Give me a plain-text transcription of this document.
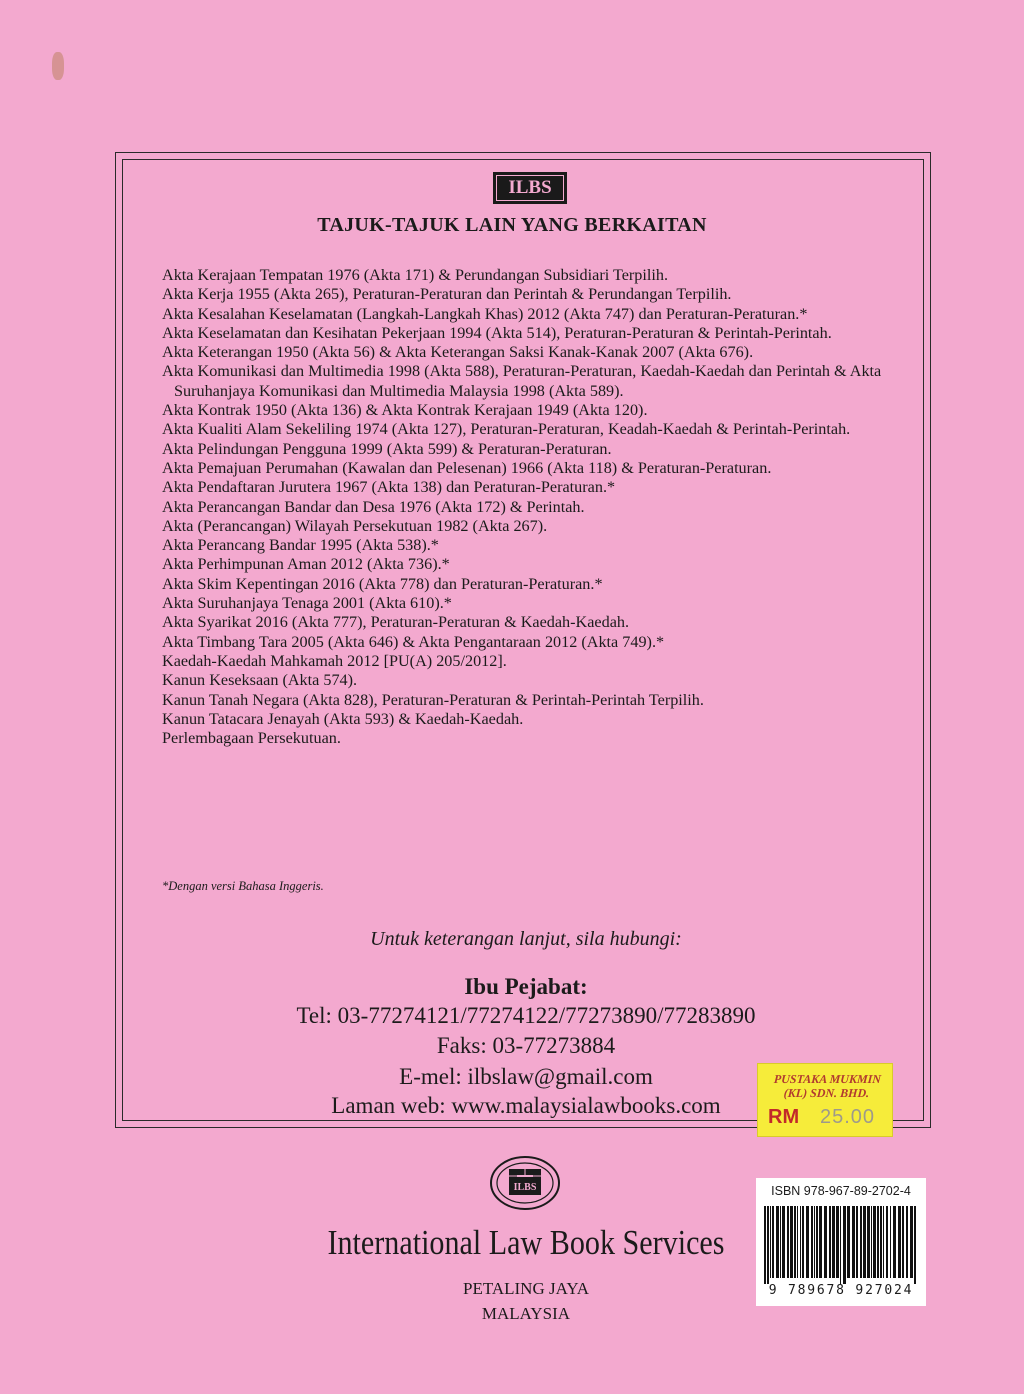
ILBS
TAJUK-TAJUK LAIN YANG BERKAITAN
Akta Kerajaan Tempatan 1976 (Akta 171) & Perundangan Subsidiari Terpilih.
Akta Kerja 1955 (Akta 265), Peraturan-Peraturan dan Perintah & Perundangan Terpilih.
Akta Kesalahan Keselamatan (Langkah-Langkah Khas) 2012 (Akta 747) dan Peraturan-Peraturan.*
Akta Keselamatan dan Kesihatan Pekerjaan 1994 (Akta 514), Peraturan-Peraturan & Perintah-Perintah.
Akta Keterangan 1950 (Akta 56) & Akta Keterangan Saksi Kanak-Kanak 2007 (Akta 676).
Akta Komunikasi dan Multimedia 1998 (Akta 588), Peraturan-Peraturan, Kaedah-Kaedah dan Perintah & Akta Suruhanjaya Komunikasi dan Multimedia Malaysia 1998 (Akta 589).
Akta Kontrak 1950 (Akta 136) & Akta Kontrak Kerajaan 1949 (Akta 120).
Akta Kualiti Alam Sekeliling 1974 (Akta 127), Peraturan-Peraturan, Keadah-Kaedah & Perintah-Perintah.
Akta Pelindungan Pengguna 1999 (Akta 599) & Peraturan-Peraturan.
Akta Pemajuan Perumahan (Kawalan dan Pelesenan) 1966 (Akta 118) & Peraturan-Peraturan.
Akta Pendaftaran Jurutera 1967 (Akta 138) dan Peraturan-Peraturan.*
Akta Perancangan Bandar dan Desa 1976 (Akta 172) & Perintah.
Akta (Perancangan) Wilayah Persekutuan 1982 (Akta 267).
Akta Perancang Bandar 1995 (Akta 538).*
Akta Perhimpunan Aman 2012 (Akta 736).*
Akta Skim Kepentingan 2016 (Akta 778) dan Peraturan-Peraturan.*
Akta Suruhanjaya Tenaga 2001 (Akta 610).*
Akta Syarikat 2016 (Akta 777), Peraturan-Peraturan & Kaedah-Kaedah.
Akta Timbang Tara 2005 (Akta 646) & Akta Pengantaraan 2012 (Akta 749).*
Kaedah-Kaedah Mahkamah 2012 [PU(A) 205/2012].
Kanun Keseksaan (Akta 574).
Kanun Tanah Negara (Akta 828), Peraturan-Peraturan & Perintah-Perintah Terpilih.
Kanun Tatacara Jenayah (Akta 593) & Kaedah-Kaedah.
Perlembagaan Persekutuan.
*Dengan versi Bahasa Inggeris.
Untuk keterangan lanjut, sila hubungi:
Ibu Pejabat:
Tel: 03-77274121/77274122/77273890/77283890
Faks: 03-77273884
E-mel: ilbslaw@gmail.com
Laman web: www.malaysialawbooks.com
PUSTAKA MUKMIN (KL) SDN. BHD.
RM 25.00
ILBS
International Law Book Services
PETALING JAYA
MALAYSIA
ISBN 978-967-89-2702-4
9 789678 927024
